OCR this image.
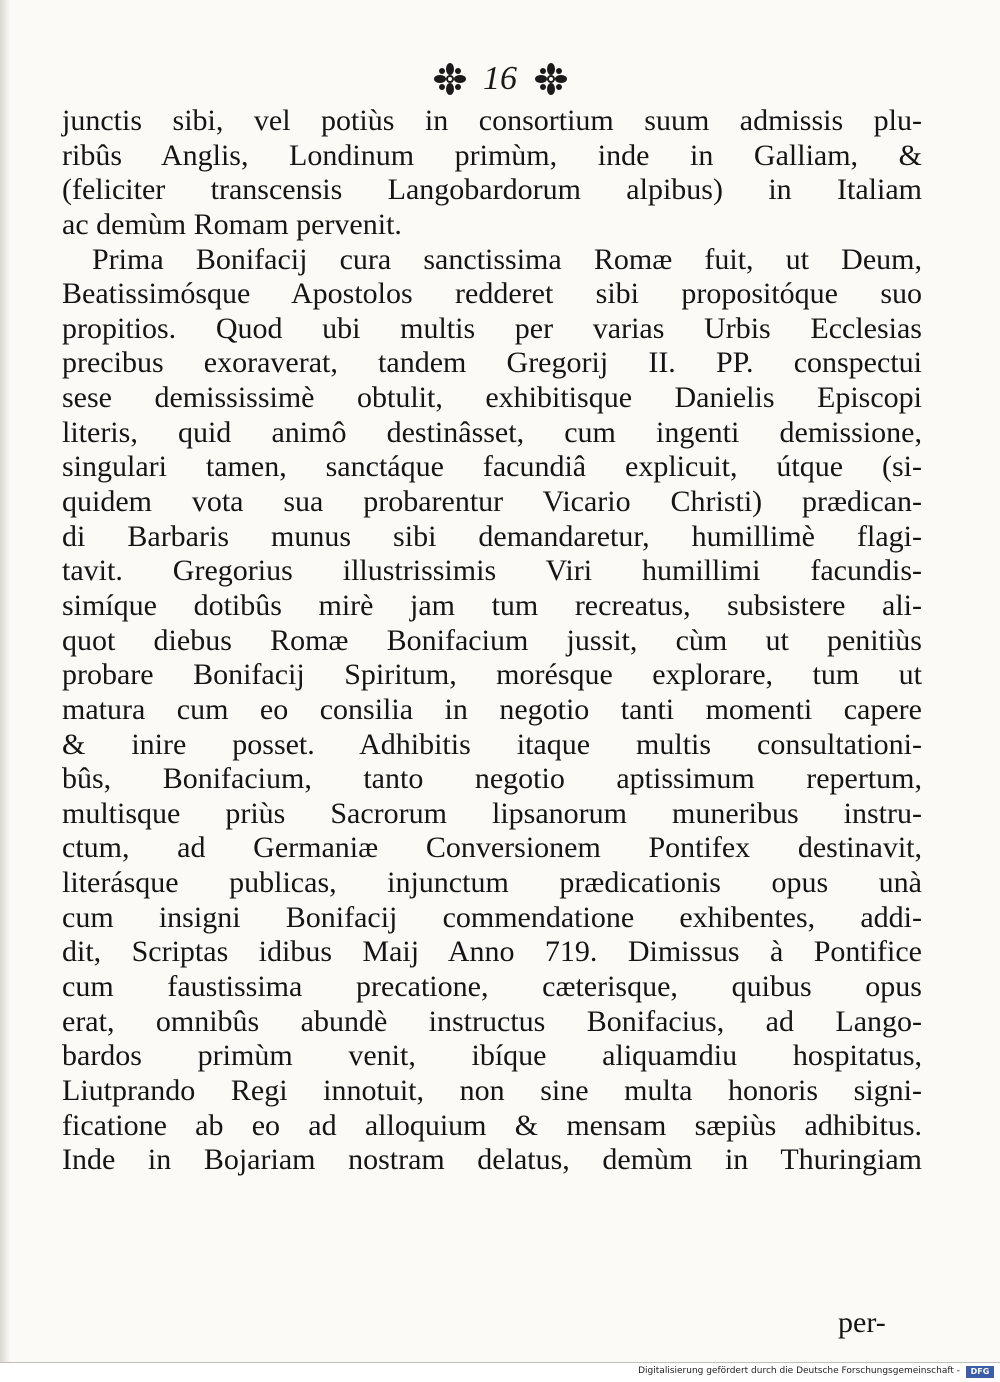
16
junctis sibi, vel potiùs in consortium suum admissis plu-
ribûs Anglis, Londinum primùm, inde in Galliam, &
(feliciter transcensis Langobardorum alpibus) in Italiam
ac demùm Romam pervenit.
Prima Bonifacij cura sanctissima Romæ fuit, ut Deum,
Beatissimósque Apostolos redderet sibi propositóque suo
propitios. Quod ubi multis per varias Urbis Ecclesias
precibus exoraverat, tandem Gregorij II. PP. conspectui
sese demississimè obtulit, exhibitisque Danielis Episcopi
literis, quid animô destinâsset, cum ingenti demissione,
singulari tamen, sanctáque facundiâ explicuit, útque (si-
quidem vota sua probarentur Vicario Christi) prædican-
di Barbaris munus sibi demandaretur, humillimè flagi-
tavit. Gregorius illustrissimis Viri humillimi facundis-
simíque dotibûs mirè jam tum recreatus, subsistere ali-
quot diebus Romæ Bonifacium jussit, cùm ut penitiùs
probare Bonifacij Spiritum, morésque explorare, tum ut
matura cum eo consilia in negotio tanti momenti capere
& inire posset. Adhibitis itaque multis consultationi-
bûs, Bonifacium, tanto negotio aptissimum repertum,
multisque priùs Sacrorum lipsanorum muneribus instru-
ctum, ad Germaniæ Conversionem Pontifex destinavit,
literásque publicas, injunctum prædicationis opus unà
cum insigni Bonifacij commendatione exhibentes, addi-
dit, Scriptas idibus Maij Anno 719. Dimissus à Pontifice
cum faustissima precatione, cæterisque, quibus opus
erat, omnibûs abundè instructus Bonifacius, ad Lango-
bardos primùm venit, ibíque aliquamdiu hospitatus,
Liutprando Regi innotuit, non sine multa honoris signi-
ficatione ab eo ad alloquium & mensam sæpiùs adhibitus.
Inde in Bojariam nostram delatus, demùm in Thuringiam
per-
Digitalisierung gefördert durch die Deutsche Forschungsgemeinschaft -	DFG
